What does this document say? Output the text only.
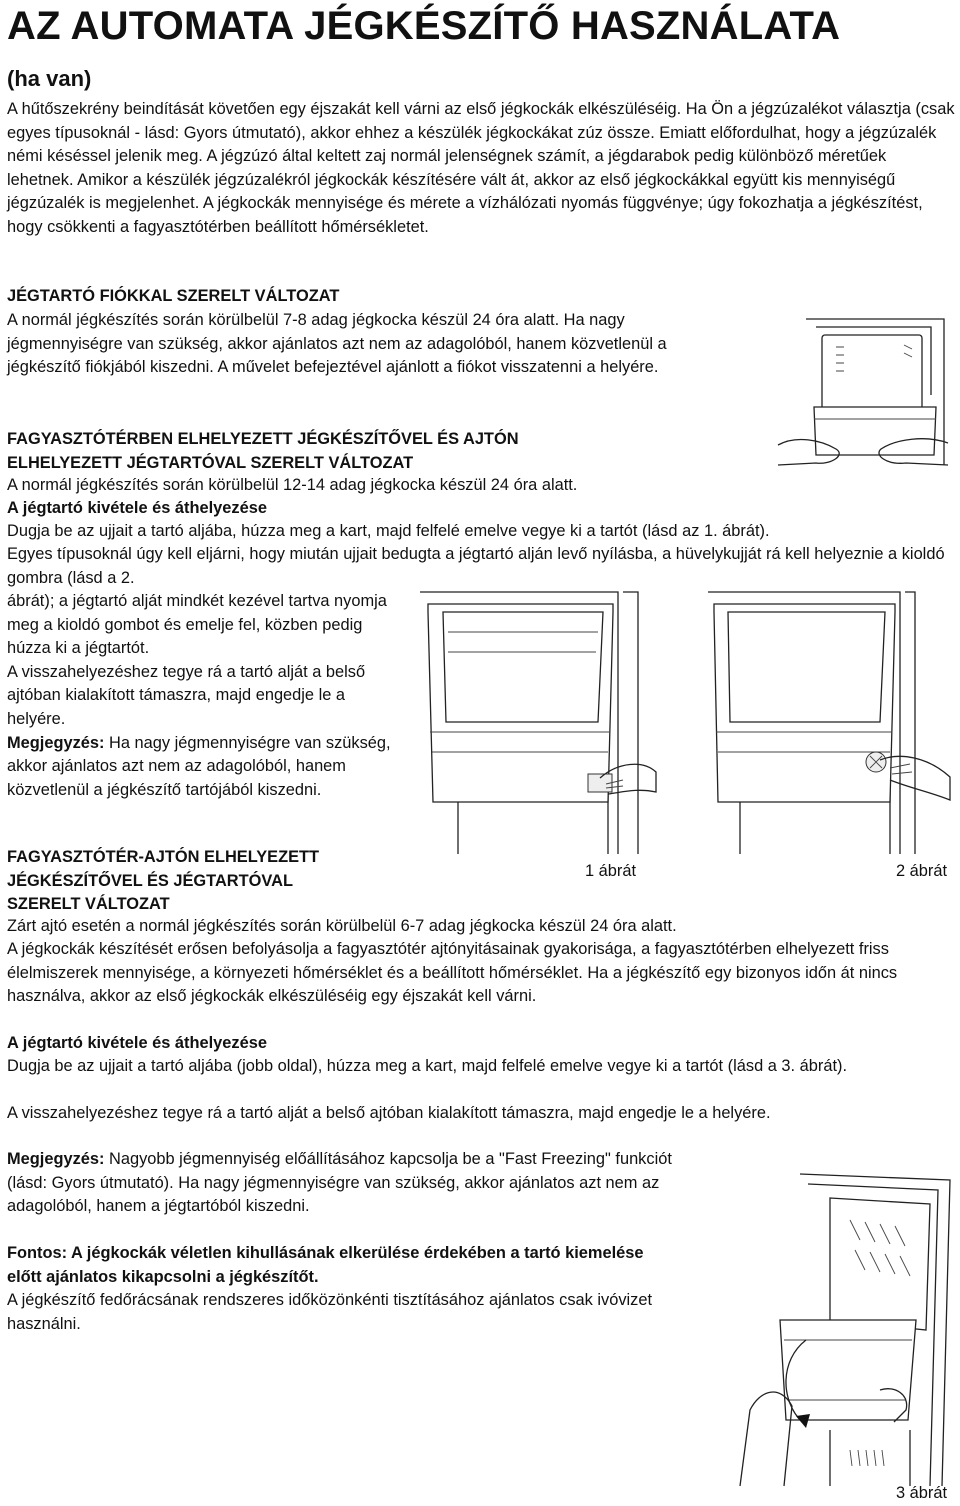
AZ AUTOMATA JÉGKÉSZÍTŐ HASZNÁLATA
(ha van)

A hűtőszekrény beindítását követően egy éjszakát kell várni az első jégkockák elkészüléséig. Ha Ön a jégzúzalékot választja (csak egyes típusoknál - lásd: Gyors útmutató), akkor ehhez a készülék jégkockákat zúz össze. Emiatt előfordulhat, hogy a jégzúzalék némi késéssel jelenik meg. A jégzúzó által keltett zaj normál jelenségnek számít, a jégdarabok pedig különböző méretűek lehetnek. Amikor a készülék jégzúzalékról jégkockák készítésére vált át, akkor az első jégkockákkal együtt kis mennyiségű jégzúzalék is megjelenhet. A jégkockák mennyisége és mérete a vízhálózati nyomás függvénye; úgy fokozhatja a jégkészítést, hogy csökkenti a fagyasztótérben beállított hőmérsékletet.

JÉGTARTÓ FIÓKKAL SZERELT VÁLTOZAT
A normál jégkészítés során körülbelül 7-8 adag jégkocka készül 24 óra alatt. Ha nagy jégmennyiségre van szükség, akkor ajánlatos azt nem az adagolóból, hanem közvetlenül a jégkészítő fiókjából kiszedni. A művelet befejeztével ajánlott a fiókot visszatenni a helyére.
FAGYASZTÓTÉRBEN ELHELYEZETT JÉGKÉSZÍTŐVEL ÉS AJTÓN
ELHELYEZETT JÉGTARTÓVAL SZERELT VÁLTOZAT
A normál jégkészítés során körülbelül 12-14 adag jégkocka készül 24 óra alatt.
A jégtartó kivétele és áthelyezése
Dugja be az ujjait a tartó aljába, húzza meg a kart, majd felfelé emelve vegye ki a tartót (lásd az 1. ábrát).
Egyes típusoknál úgy kell eljárni, hogy miután ujjait bedugta a jégtartó alján levő nyílásba, a hüvelykujját rá kell helyeznie a kioldó gombra (lásd a 2.

ábrát); a jégtartó alját mindkét kezével tartva nyomja meg a kioldó gombot és emelje fel, közben pedig húzza ki a jégtartót.

A visszahelyezéshez tegye rá a tartó alját a belső ajtóban kialakított támaszra, majd engedje le a helyére.

Megjegyzés: Ha nagy jégmennyiségre van szükség, akkor ajánlatos azt nem az adagolóból, hanem közvetlenül a jégkészítő tartójából kiszedni.

1 ábrát	2 ábrát
FAGYASZTÓTÉR-AJTÓN ELHELYEZETT
JÉGKÉSZÍTŐVEL ÉS JÉGTARTÓVAL
SZERELT VÁLTOZAT
Zárt ajtó esetén a normál jégkészítés során körülbelül 6-7 adag jégkocka készül 24 óra alatt.
A jégkockák készítését erősen befolyásolja a fagyasztótér ajtónyitásainak gyakorisága, a fagyasztótérben elhelyezett friss élelmiszerek mennyisége, a környezeti hőmérséklet és a beállított hőmérséklet. Ha a jégkészítő egy bizonyos időn át nincs használva, akkor az első jégkockák elkészüléséig egy éjszakát kell várni.
A jégtartó kivétele és áthelyezése
Dugja be az ujjait a tartó aljába (jobb oldal), húzza meg a kart, majd felfelé emelve vegye ki a tartót (lásd a 3. ábrát).
A visszahelyezéshez tegye rá a tartó alját a belső ajtóban kialakított támaszra, majd engedje le a helyére.
Megjegyzés: Nagyobb jégmennyiség előállításához kapcsolja be a "Fast Freezing" funkciót (lásd: Gyors útmutató). Ha nagy jégmennyiségre van szükség, akkor ajánlatos azt nem az adagolóból, hanem a jégtartóból kiszedni.
Fontos: A jégkockák véletlen kihullásának elkerülése érdekében a tartó kiemelése előtt ajánlatos kikapcsolni a jégkészítőt.
A jégkészítő fedőrácsának rendszeres időközönkénti tisztításához ajánlatos csak ivóvizet használni.
3 ábrát
